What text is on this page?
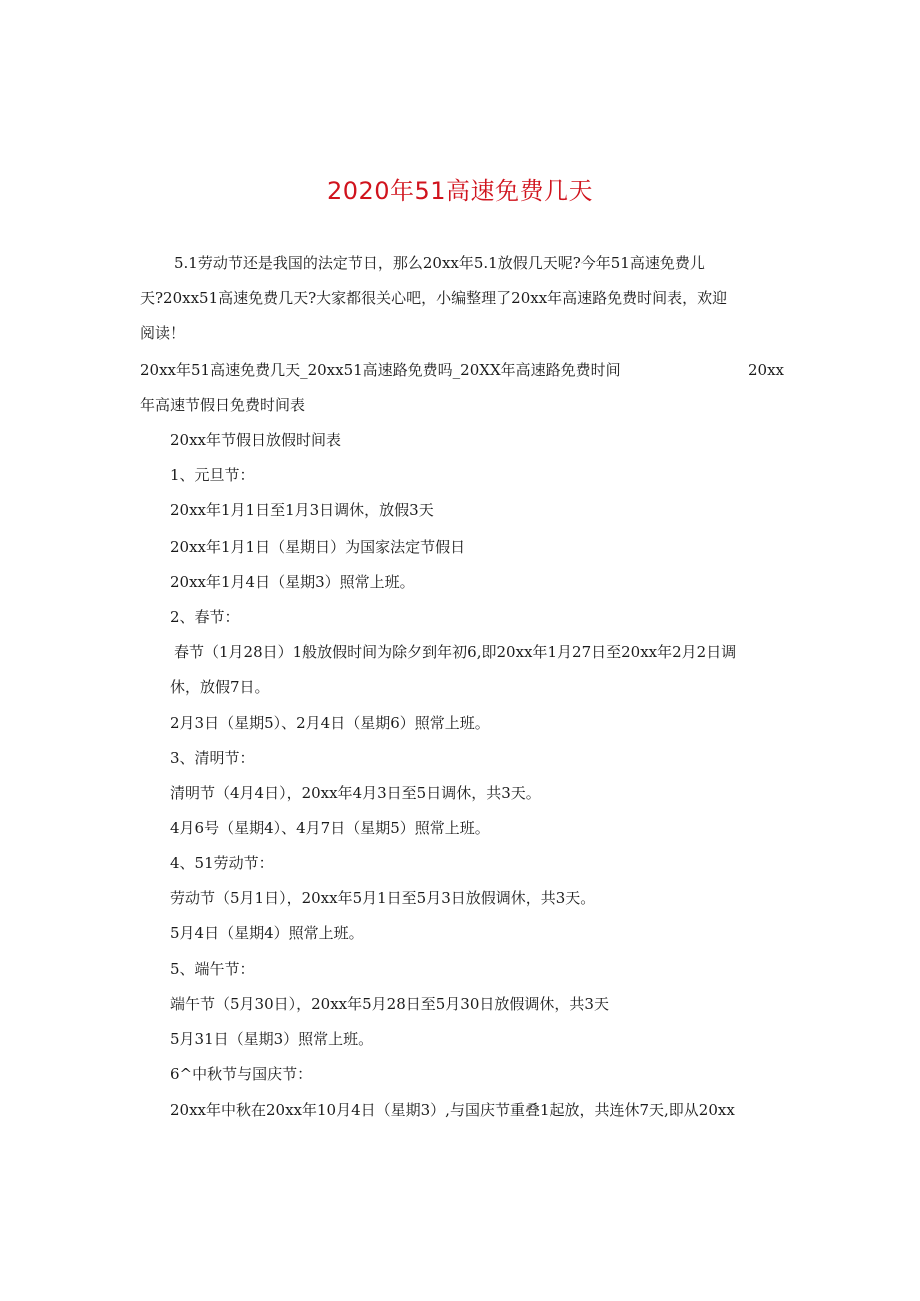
2020年51高速免费几天
5.1劳动节还是我国的法定节日，那么20xx年5.1放假几天呢?今年51高速免费儿
天?20xx51高速免费几天?大家都很关心吧，小编整理了20xx年高速路免费时间表，欢迎
阅读！
20xx年51高速免费几天_20xx51高速路免费吗_20XX年高速路免费时间	20xx
年高速节假日免费时间表
20xx年节假日放假时间表
1、元旦节：
20xx年1月1日至1月3日调休，放假3天
20xx年1月1日（星期日）为国家法定节假日
20xx年1月4日（星期3）照常上班。
2、春节：
春节（1月28日）1般放假时间为除夕到年初6,即20xx年1月27日至20xx年2月2日调
休，放假7日。
2月3日（星期5）、2月4日（星期6）照常上班。
3、清明节：
清明节（4月4日），20xx年4月3日至5日调休，共3天。
4月6号（星期4）、4月7日（星期5）照常上班。
4、51劳动节：
劳动节（5月1日），20xx年5月1日至5月3日放假调休，共3天。
5月4日（星期4）照常上班。
5、端午节：
端午节（5月30日），20xx年5月28日至5月30日放假调休，共3天
5月31日（星期3）照常上班。
6^中秋节与国庆节：
20xx年中秋在20xx年10月4日（星期3）,与国庆节重叠1起放，共连休7天,即从20xx
